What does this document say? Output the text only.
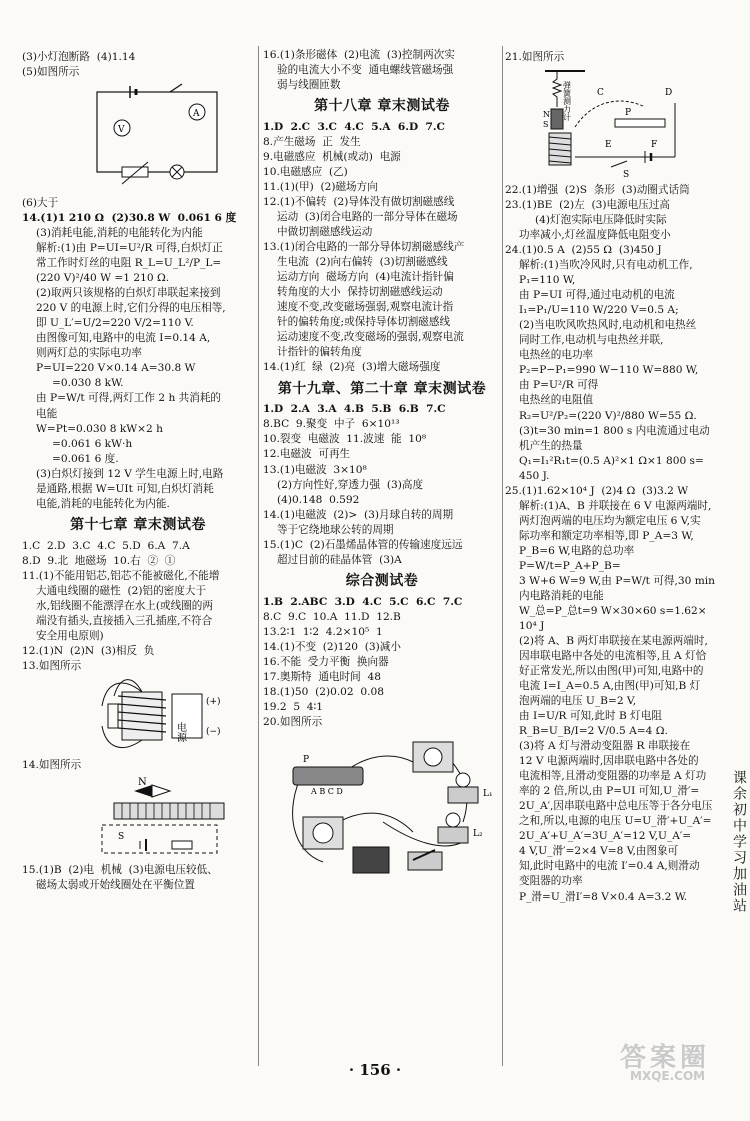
(3)小灯泡断路  (4)1.14

(5)如图所示

V
A

(6)大于

14.(1)1 210 Ω  (2)30.8 W  0.061 6 度

(3)消耗电能,消耗的电能转化为内能

解析:(1)由 P=UI=U²/R 可得,白炽灯正

常工作时灯丝的电阻 R_L=U_L²/P_L=

(220 V)²/40 W =1 210 Ω.

(2)取两只该规格的白炽灯串联起来接到

220 V 的电源上时,它们分得的电压相等,

即 U_L′=U/2=220 V/2=110 V.

由图像可知,电路中的电流 I=0.14 A,

则两灯总的实际电功率

P=UI=220 V×0.14 A=30.8 W

=0.030 8 kW.

由 P=W/t 可得,两灯工作 2 h 共消耗的

电能

W=Pt=0.030 8 kW×2 h

=0.061 6 kW·h

=0.061 6 度.

(3)白炽灯接到 12 V 学生电源上时,电路

是通路,根据 W=UIt 可知,白炽灯消耗

电能,消耗的电能转化为内能.

第十七章 章末测试卷

1.C  2.D  3.C  4.C  5.D  6.A  7.A

8.D  9.北  地磁场  10.右  ②  ①

11.(1)不能用铝芯,铝芯不能被磁化,不能增

大通电线圈的磁性  (2)铝的密度大于

水,铝线圈不能漂浮在水上(或线圈的两

端没有插头,直接插入三孔插座,不符合

安全用电原则)

12.(1)N  (2)N  (3)相反  负

13.如图所示

电源
(+)
(−)

14.如图所示

N
S

15.(1)B  (2)电  机械  (3)电源电压较低、

磁场太弱或开始线圈处在平衡位置

16.(1)条形磁体  (2)电流  (3)控制两次实

验的电流大小不变  通电螺线管磁场强

弱与线圈匝数

第十八章 章末测试卷

1.D  2.C  3.C  4.C  5.A  6.D  7.C

8.产生磁场  正  发生

9.电磁感应  机械(或动)  电源

10.电磁感应  (乙)

11.(1)(甲)  (2)磁场方向

12.(1)不偏转  (2)导体没有做切割磁感线

运动  (3)闭合电路的一部分导体在磁场

中做切割磁感线运动

13.(1)闭合电路的一部分导体切割磁感线产

生电流  (2)向右偏转  (3)切割磁感线

运动方向  磁场方向  (4)电流计指针偏

转角度的大小  保持切割磁感线运动

速度不变,改变磁场强弱,观察电流计指

针的偏转角度;或保持导体切割磁感线

运动速度不变,改变磁场的强弱,观察电流

计指针的偏转角度

14.(1)红  绿  (2)亮  (3)增大磁场强度

第十九章、第二十章 章末测试卷

1.D  2.A  3.A  4.B  5.B  6.B  7.C

8.BC  9.聚变  中子  6×10¹³

10.裂变  电磁波  11.波速  能  10⁸

12.电磁波  可再生

13.(1)电磁波  3×10⁸

(2)方向性好,穿透力强  (3)高度

(4)0.148  0.592

14.(1)电磁波  (2)>  (3)月球自转的周期

等于它绕地球公转的周期

15.(1)C  (2)石墨烯晶体管的传输速度远远

超过目前的硅晶体管  (3)A

综合测试卷

1.B  2.ABC  3.D  4.C  5.C  6.C  7.C

8.C  9.C  10.A  11.D  12.B

13.2∶1  1∶2  4.2×10⁵  1

14.(1)不变  (2)120  (3)减小

16.不能  受力平衡  换向器

17.奥斯特  通电时间  48

18.(1)50  (2)0.02  0.08

19.2  5  4∶1

20.如图所示

P
A B C D	L₁
L₂

21.如图所示

弹簧测力计
N
S
C	D
E	F
P
S

22.(1)增强  (2)S  条形  (3)动圈式话筒

23.(1)BE  (2)左  (3)电源电压过高

(4)灯泡实际电压降低时实际

功率减小,灯丝温度降低电阻变小

24.(1)0.5 A  (2)55 Ω  (3)450 J

解析:(1)当吹冷风时,只有电动机工作,

P₁=110 W,

由 P=UI 可得,通过电动机的电流

I₁=P₁/U=110 W/220 V=0.5 A;

(2)当电吹风吹热风时,电动机和电热丝

同时工作,电动机与电热丝并联,

电热丝的电功率

P₂=P−P₁=990 W−110 W=880 W,

由 P=U²/R 可得

电热丝的电阻值

R₂=U²/P₂=(220 V)²/880 W=55 Ω.

(3)t=30 min=1 800 s 内电流通过电动

机产生的热量

Q₁=I₁²R₁t=(0.5 A)²×1 Ω×1 800 s=

450 J.

25.(1)1.62×10⁴ J  (2)4 Ω  (3)3.2 W

解析:(1)A、B 并联接在 6 V 电源两端时,

两灯泡两端的电压均为额定电压 6 V,实

际功率和额定功率相等,即 P_A=3 W,

P_B=6 W,电路的总功率 P=W/t=P_A+P_B=

3 W+6 W=9 W,由 P=W/t 可得,30 min

内电路消耗的电能

W_总=P_总t=9 W×30×60 s=1.62×

10⁴ J

(2)将 A、B 两灯串联接在某电源两端时,

因串联电路中各处的电流相等,且 A 灯恰

好正常发光,所以由图(甲)可知,电路中的

电流 I=I_A=0.5 A,由图(甲)可知,B 灯

泡两端的电压 U_B=2 V,

由 I=U/R 可知,此时 B 灯电阻

R_B=U_B/I=2 V/0.5 A=4 Ω.

(3)将 A 灯与滑动变阻器 R 串联接在

12 V 电源两端时,因串联电路中各处的

电流相等,且滑动变阻器的功率是 A 灯功

率的 2 倍,所以,由 P=UI 可知,U_滑′=

2U_A′,因串联电路中总电压等于各分电压

之和,所以,电源的电压 U=U_滑′+U_A′=

2U_A′+U_A′=3U_A′=12 V,U_A′=

4 V,U_滑′=2×4 V=8 V,由图象可

知,此时电路中的电流 I′=0.4 A,则滑动

变阻器的功率

P_滑=U_滑I′=8 V×0.4 A=3.2 W.	课余初中学习加油站
· 156 ·	答案圈
MXQE.COM
